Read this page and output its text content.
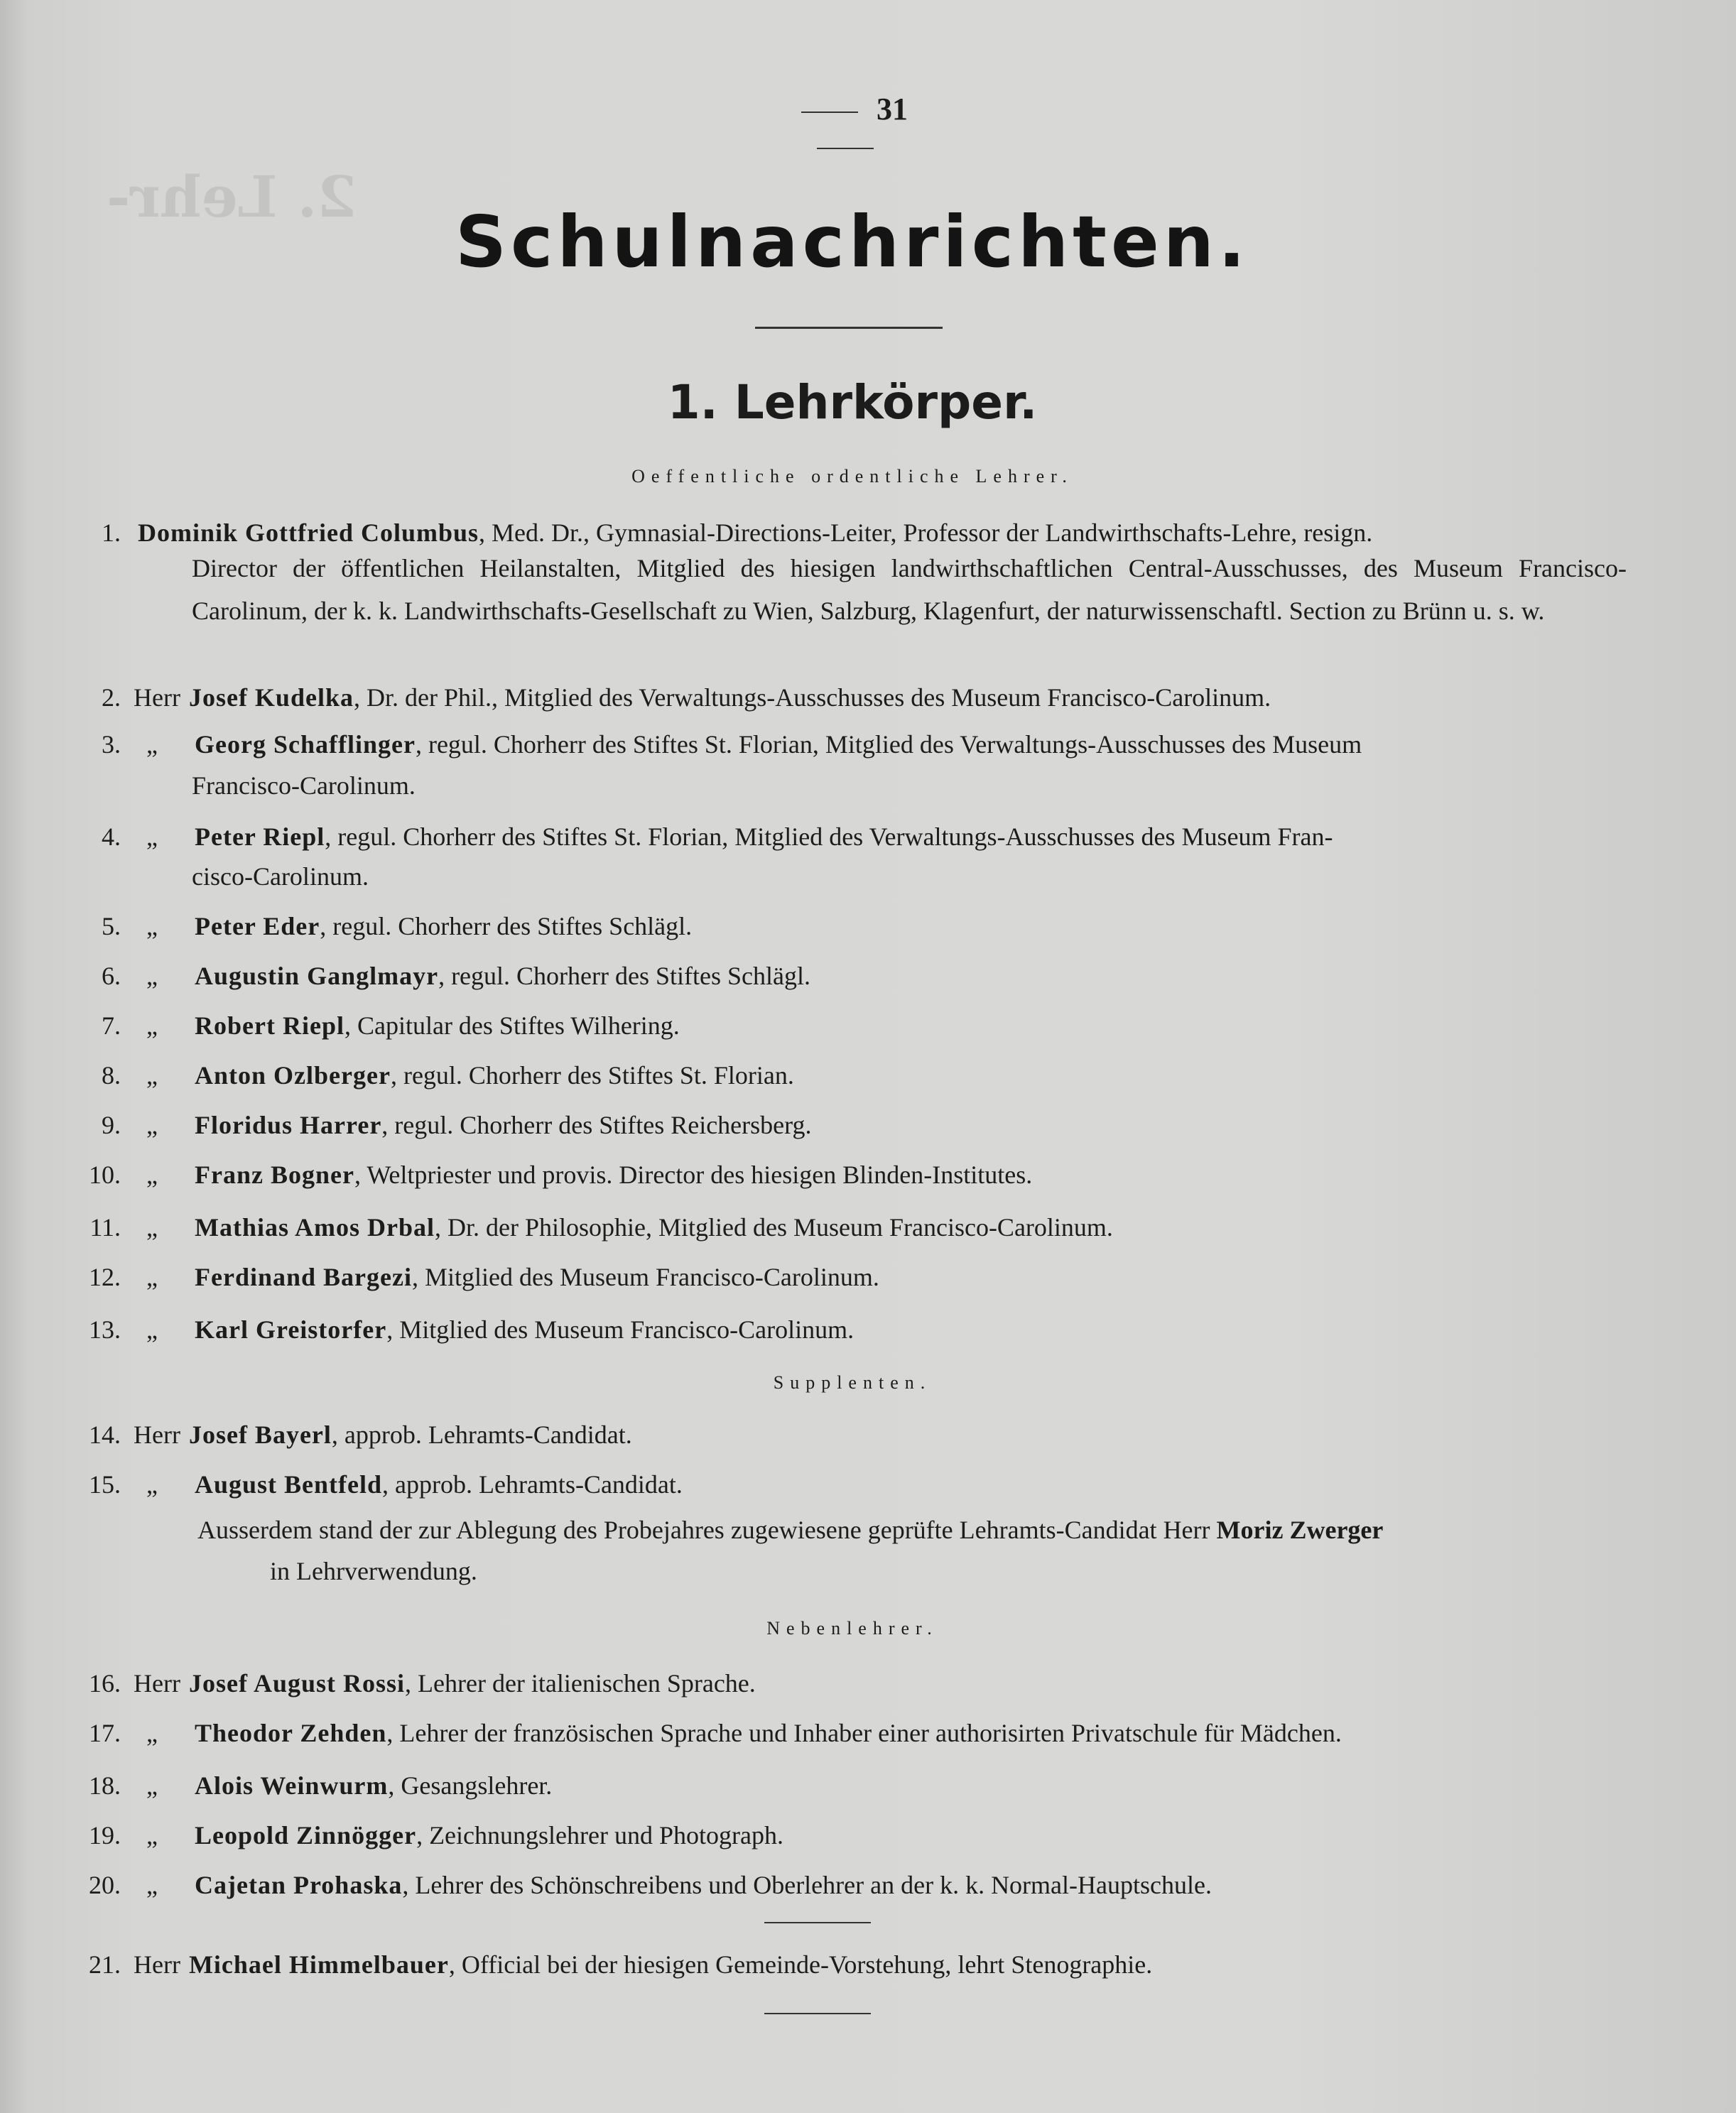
2. Lehr-
31
Schulnachrichten.
1. Lehrkörper.
Oeffentliche ordentliche Lehrer.
1. Dominik Gottfried Columbus, Med. Dr., Gymnasial-Directions-Leiter, Professor der Landwirthschafts-Lehre, resign.
Director der öffentlichen Heilanstalten, Mitglied des hiesigen landwirthschaftlichen Central-Ausschusses, des Museum Francisco-Carolinum, der k. k. Landwirthschafts-Gesellschaft zu Wien, Salzburg, Klagenfurt, der naturwissenschaftl. Section zu Brünn u. s. w.
2. Herr Josef Kudelka, Dr. der Phil., Mitglied des Verwaltungs-Ausschusses des Museum Francisco-Carolinum.
3. „ Georg Schafflinger, regul. Chorherr des Stiftes St. Florian, Mitglied des Verwaltungs-Ausschusses des Museum
Francisco-Carolinum.
4. „ Peter Riepl, regul. Chorherr des Stiftes St. Florian, Mitglied des Verwaltungs-Ausschusses des Museum Fran-
cisco-Carolinum.
5. „ Peter Eder, regul. Chorherr des Stiftes Schlägl.
6. „ Augustin Ganglmayr, regul. Chorherr des Stiftes Schlägl.
7. „ Robert Riepl, Capitular des Stiftes Wilhering.
8. „ Anton Ozlberger, regul. Chorherr des Stiftes St. Florian.
9. „ Floridus Harrer, regul. Chorherr des Stiftes Reichersberg.
10. „ Franz Bogner, Weltpriester und provis. Director des hiesigen Blinden-Institutes.
11. „ Mathias Amos Drbal, Dr. der Philosophie, Mitglied des Museum Francisco-Carolinum.
12. „ Ferdinand Bargezi, Mitglied des Museum Francisco-Carolinum.
13. „ Karl Greistorfer, Mitglied des Museum Francisco-Carolinum.
Supplenten.
14. Herr Josef Bayerl, approb. Lehramts-Candidat.
15. „ August Bentfeld, approb. Lehramts-Candidat.
Ausserdem stand der zur Ablegung des Probejahres zugewiesene geprüfte Lehramts-Candidat Herr Moriz Zwerger
in Lehrverwendung.
Nebenlehrer.
16. Herr Josef August Rossi, Lehrer der italienischen Sprache.
17. „ Theodor Zehden, Lehrer der französischen Sprache und Inhaber einer authorisirten Privatschule für Mädchen.
18. „ Alois Weinwurm, Gesangslehrer.
19. „ Leopold Zinnögger, Zeichnungslehrer und Photograph.
20. „ Cajetan Prohaska, Lehrer des Schönschreibens und Oberlehrer an der k. k. Normal-Hauptschule.
21. Herr Michael Himmelbauer, Official bei der hiesigen Gemeinde-Vorstehung, lehrt Stenographie.
